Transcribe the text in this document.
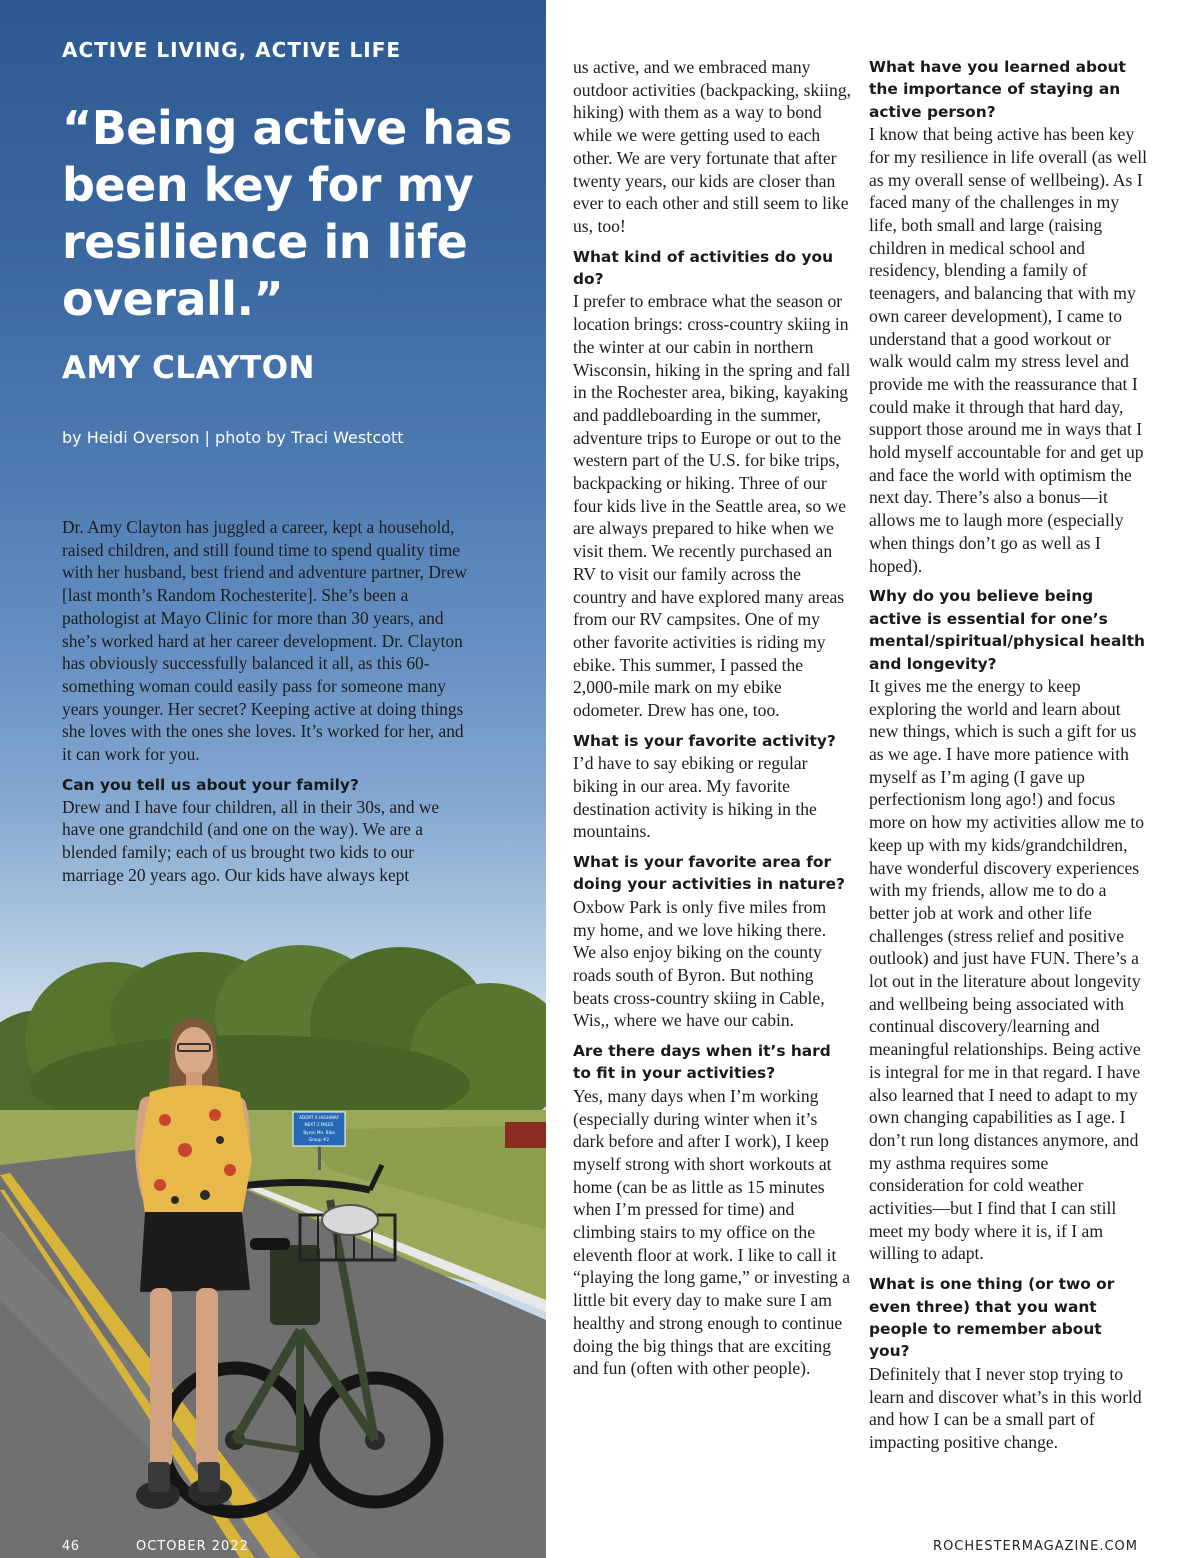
ADOPT A HIGHWAY
NEXT 2 MILES
Byron Mn. Bike
Group #2
ACTIVE LIVING, ACTIVE LIFE
“Being active has been key for my resilience in life overall.”
AMY CLAYTON

by Heidi Overson | photo by Traci Westcott

Dr. Amy Clayton has juggled a career, kept a household, raised children, and still found time to spend quality time with her husband, best friend and adventure partner, Drew [last month’s Random Rochesterite]. She’s been a pathologist at Mayo Clinic for more than 30 years, and she’s worked hard at her career development. Dr. Clayton has obviously successfully balanced it all, as this 60-something woman could easily pass for someone many years younger. Her secret? Keeping active at doing things she loves with the ones she loves. It’s worked for her, and it can work for you.

Can you tell us about your family?

Drew and I have four children, all in their 30s, and we have one grandchild (and one on the way). We are a blended family; each of us brought two kids to our marriage 20 years ago. Our kids have always kept

46	OCTOBER 2022

us active, and we embraced many outdoor activities (backpacking, skiing, hiking) with them as a way to bond while we were getting used to each other. We are very fortunate that after twenty years, our kids are closer than ever to each other and still seem to like us, too!

What kind of activities do you do?

I prefer to embrace what the season or location brings: cross-country skiing in the winter at our cabin in northern Wisconsin, hiking in the spring and fall in the Rochester area, biking, kayaking and paddleboarding in the summer, adventure trips to Europe or out to the western part of the U.S. for bike trips, backpacking or hiking. Three of our four kids live in the Seattle area, so we are always prepared to hike when we visit them. We recently purchased an RV to visit our family across the country and have explored many areas from our RV campsites. One of my other favorite activities is riding my ebike. This summer, I passed the 2,000-mile mark on my ebike odometer. Drew has one, too.

What is your favorite activity?

I’d have to say ebiking or regular biking in our area. My favorite destination activity is hiking in the mountains.

What is your favorite area for doing your activities in nature?

Oxbow Park is only five miles from my home, and we love hiking there. We also enjoy biking on the county roads south of Byron. But nothing beats cross-country skiing in Cable, Wis,, where we have our cabin.

Are there days when it’s hard to fit in your activities?

Yes, many days when I’m working (especially during winter when it’s dark before and after I work), I keep myself strong with short workouts at home (can be as little as 15 minutes when I’m pressed for time) and climbing stairs to my office on the eleventh floor at work. I like to call it “playing the long game,” or investing a little bit every day to make sure I am healthy and strong enough to continue doing the big things that are exciting and fun (often with other people).

What have you learned about the importance of staying an active person?

I know that being active has been key for my resilience in life overall (as well as my overall sense of wellbeing). As I faced many of the challenges in my life, both small and large (raising children in medical school and residency, blending a family of teenagers, and balancing that with my own career development), I came to understand that a good workout or walk would calm my stress level and provide me with the reassurance that I could make it through that hard day, support those around me in ways that I hold myself accountable for and get up and face the world with optimism the next day. There’s also a bonus—it allows me to laugh more (especially when things don’t go as well as I hoped).

Why do you believe being active is essential for one’s mental/spiritual/physical health and longevity?

It gives me the energy to keep exploring the world and learn about new things, which is such a gift for us as we age. I have more patience with myself as I’m aging (I gave up perfectionism long ago!) and focus more on how my activities allow me to keep up with my kids/grandchildren, have wonderful discovery experiences with my friends, allow me to do a better job at work and other life challenges (stress relief and positive outlook) and just have FUN. There’s a lot out in the literature about longevity and wellbeing being associated with continual discovery/learning and meaningful relationships. Being active is integral for me in that regard. I have also learned that I need to adapt to my own changing capabilities as I age. I don’t run long distances anymore, and my asthma requires some consideration for cold weather activities—but I find that I can still meet my body where it is, if I am willing to adapt.

What is one thing (or two or even three) that you want people to remember about you?

Definitely that I never stop trying to learn and discover what’s in this world and how I can be a small part of impacting positive change.

ROCHESTERMAGAZINE.COM
